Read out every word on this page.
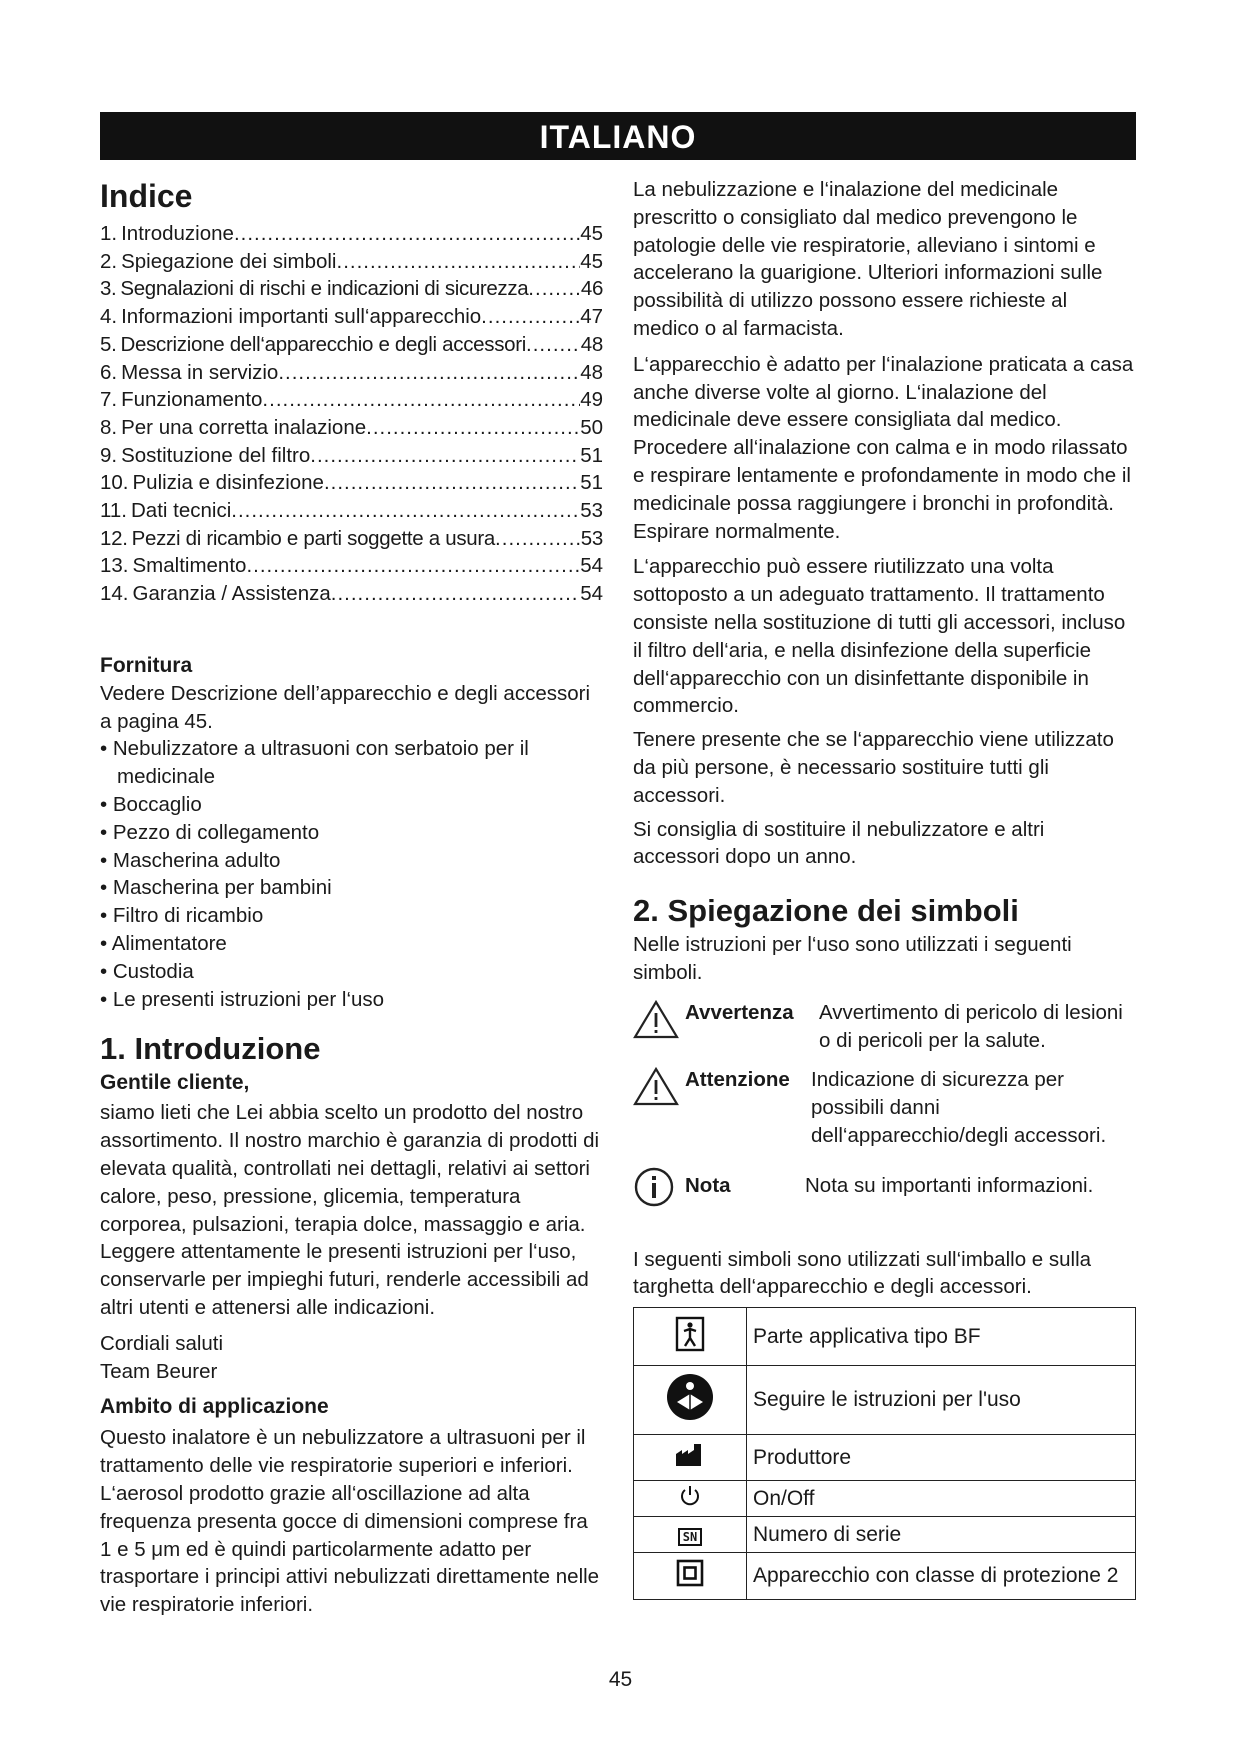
ITALIANO
Indice
1. Introduzione .....	45
2. Spiegazione dei simboli .....	45
3. Segnalazioni di rischi e indicazioni di sicurezza .....	46
4. Informazioni importanti sull‘apparecchio .....	47
5. Descrizione dell‘apparecchio e degli accessori .....	48
6. Messa in servizio .....	48
7. Funzionamento .....	49
8. Per una corretta inalazione .....	50
9. Sostituzione del filtro .....	51
10. Pulizia e disinfezione .....	51
11. Dati tecnici .....	53
12. Pezzi di ricambio e parti soggette a usura .....	53
13. Smaltimento .....	54
14. Garanzia / Assistenza .....	54
Fornitura
Vedere Descrizione dell’apparecchio e degli accessori a pagina 45.
• Nebulizzatore a ultrasuoni con serbatoio per il medicinale
• Boccaglio
• Pezzo di collegamento
• Mascherina adulto
• Mascherina per bambini
• Filtro di ricambio
• Alimentatore
• Custodia
• Le presenti istruzioni per l‘uso
1. Introduzione
Gentile cliente,
siamo lieti che Lei abbia scelto un prodotto del nostro assortimento. Il nostro marchio è garanzia di prodotti di elevata qualità, controllati nei dettagli, relativi ai settori calore, peso, pressione, glicemia, temperatura corporea, pulsazioni, terapia dolce, massaggio e aria. Leggere attentamente le presenti istruzioni per l‘uso, conservarle per impieghi futuri, renderle accessibili ad altri utenti e attenersi alle indicazioni.
Cordiali saluti
Team Beurer
Ambito di applicazione
Questo inalatore è un nebulizzatore a ultrasuoni per il trattamento delle vie respiratorie superiori e inferiori. L‘aerosol prodotto grazie all‘oscillazione ad alta frequenza presenta gocce di dimensioni comprese fra 1 e 5 μm ed è quindi particolarmente adatto per trasportare i principi attivi nebulizzati direttamente nelle vie respiratorie inferiori.
La nebulizzazione e l‘inalazione del medicinale prescritto o consigliato dal medico prevengono le patologie delle vie respiratorie, alleviano i sintomi e accelerano la guarigione. Ulteriori informazioni sulle possibilità di utilizzo possono essere richieste al medico o al farmacista.
L‘apparecchio è adatto per l‘inalazione praticata a casa anche diverse volte al giorno. L‘inalazione del medicinale deve essere consigliata dal medico. Procedere all‘inalazione con calma e in modo rilassato e respirare lentamente e profondamente in modo che il medicinale possa raggiungere i bronchi in profondità. Espirare normalmente.
L‘apparecchio può essere riutilizzato una volta sottoposto a un adeguato trattamento. Il trattamento consiste nella sostituzione di tutti gli accessori, incluso il filtro dell‘aria, e nella disinfezione della superficie dell‘apparecchio con un disinfettante disponibile in commercio.
Tenere presente che se l‘apparecchio viene utilizzato da più persone, è necessario sostituire tutti gli accessori.
Si consiglia di sostituire il nebulizzatore e altri accessori dopo un anno.
2. Spiegazione dei simboli
Nelle istruzioni per l‘uso sono utilizzati i seguenti simboli.
Avvertenza	Avvertimento di pericolo di lesioni o di pericoli per la salute.
Attenzione	Indicazione di sicurezza per possibili danni dell‘apparecchio/degli accessori.
Nota	Nota su importanti informazioni.
I seguenti simboli sono utilizzati sull‘imballo e sulla targhetta dell‘apparecchio e degli accessori.
	Parte applicativa tipo BF
	Seguire le istruzioni per l'uso
	Produttore
	On/Off
SN	Numero di serie
	Apparecchio con classe di protezione 2
45
